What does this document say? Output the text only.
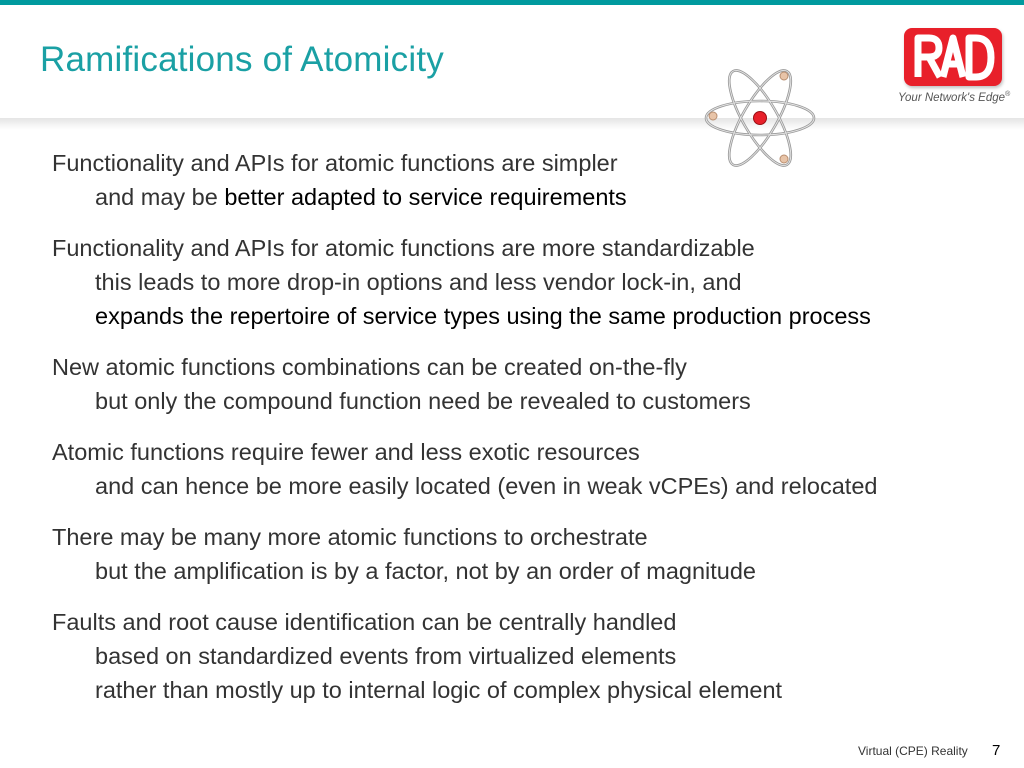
Ramifications of Atomicity
Your Network's Edge®
Functionality and APIs for atomic functions are simpler
and may be better adapted to service requirements
Functionality and APIs for atomic functions are more standardizable
this leads to more drop-in options and less vendor lock-in, and
expands the repertoire of service types using the same production process
New atomic functions combinations can be created on-the-fly
but only the compound function need be revealed to customers
Atomic functions require fewer and less exotic resources
and can hence be more easily located (even in weak vCPEs) and relocated
There may be many more atomic functions to orchestrate
but the amplification is by a factor, not by an order of magnitude
Faults and root cause identification can be centrally handled
based on standardized events from virtualized elements
rather than mostly up to internal logic of complex physical element
Virtual (CPE) Reality 7
